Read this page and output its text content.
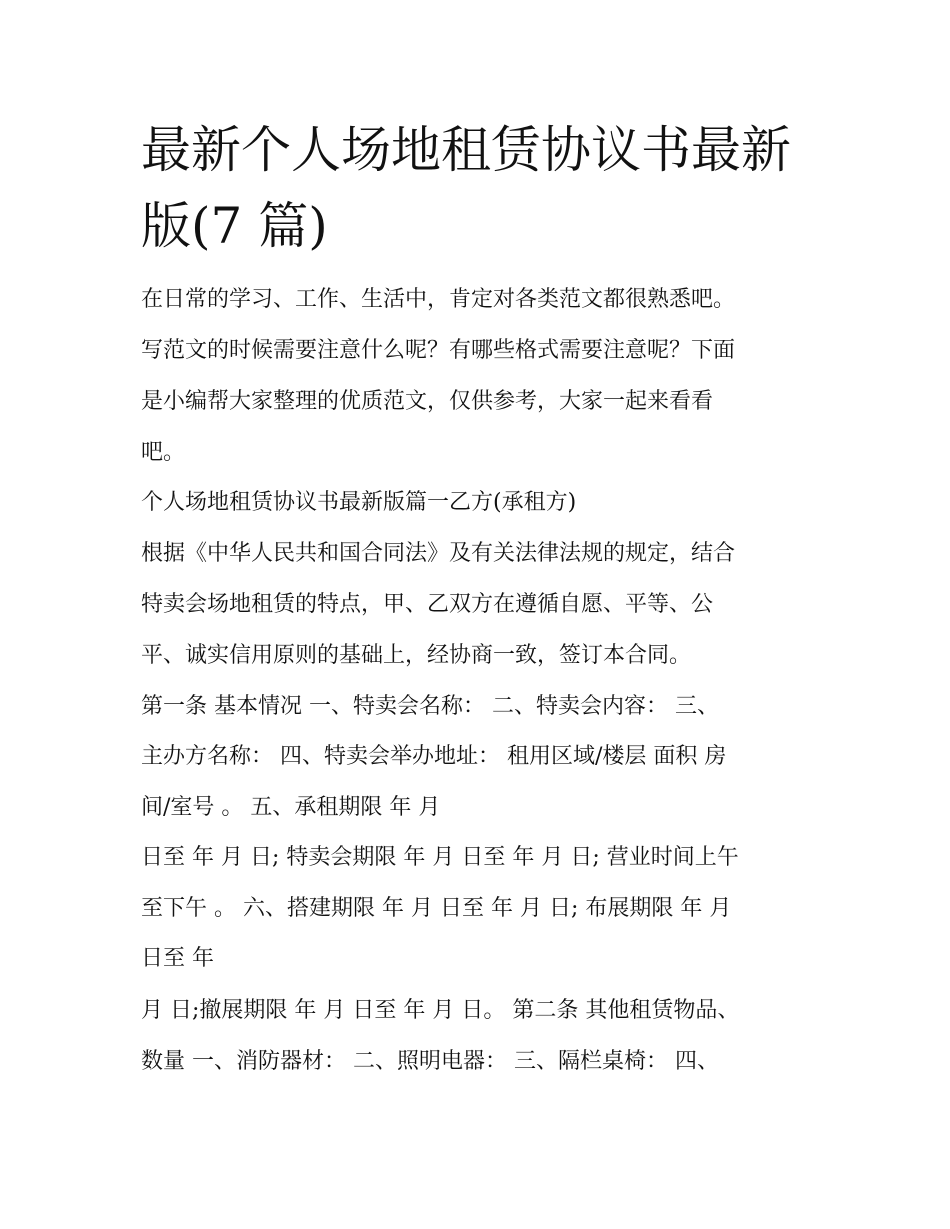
最新个人场地租赁协议书最新
版(7 篇)
在日常的学习、工作、生活中，肯定对各类范文都很熟悉吧。
写范文的时候需要注意什么呢？有哪些格式需要注意呢？下面
是小编帮大家整理的优质范文，仅供参考，大家一起来看看
吧。
个人场地租赁协议书最新版篇一乙方(承租方)
根据《中华人民共和国合同法》及有关法律法规的规定，结合
特卖会场地租赁的特点，甲、乙双方在遵循自愿、平等、公
平、诚实信用原则的基础上，经协商一致，签订本合同。
第一条 基本情况 一、特卖会名称： 二、特卖会内容： 三、
主办方名称： 四、特卖会举办地址： 租用区域/楼层 面积 房
间/室号 。 五、承租期限 年 月
日至 年 月 日; 特卖会期限 年 月 日至 年 月 日; 营业时间上午
至下午 。 六、搭建期限 年 月 日至 年 月 日; 布展期限 年 月
日至 年
月 日;撤展期限 年 月 日至 年 月 日。 第二条 其他租赁物品、
数量 一、消防器材： 二、照明电器： 三、隔栏桌椅： 四、
